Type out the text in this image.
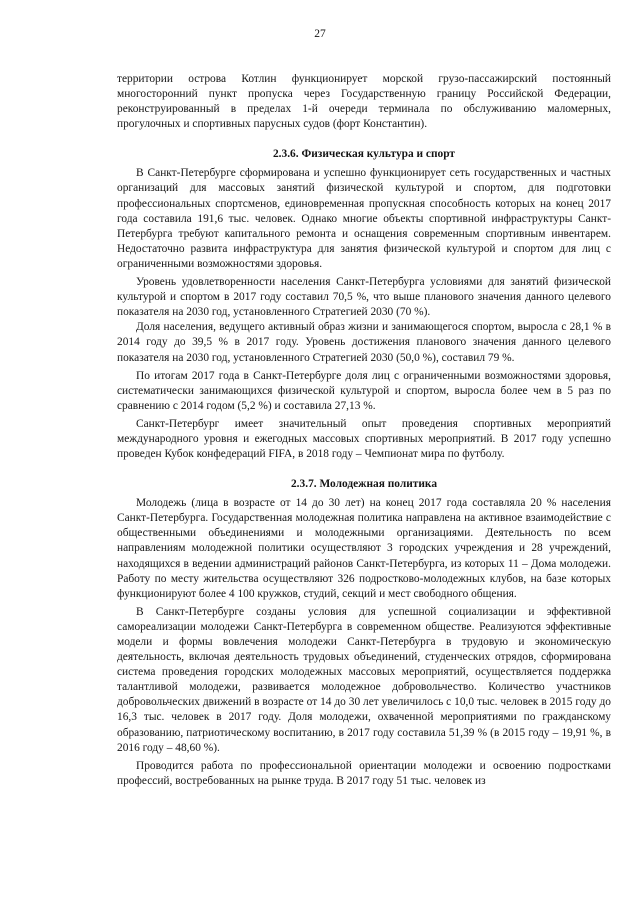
27

территории острова Котлин функционирует морской грузо-пассажирский постоянный многосторонний пункт пропуска через Государственную границу Российской Федерации, реконструированный в пределах 1-й очереди терминала по обслуживанию маломерных, прогулочных и спортивных парусных судов (форт Константин).

2.3.6. Физическая культура и спорт

В Санкт-Петербурге сформирована и успешно функционирует сеть государственных и частных организаций для массовых занятий физической культурой и спортом, для подготовки профессиональных спортсменов, единовременная пропускная способность которых на конец 2017 года составила 191,6 тыс. человек. Однако многие объекты спортивной инфраструктуры Санкт-Петербурга требуют капитального ремонта и оснащения современным спортивным инвентарем. Недостаточно развита инфраструктура для занятия физической культурой и спортом для лиц с ограниченными возможностями здоровья.

Уровень удовлетворенности населения Санкт-Петербурга условиями для занятий физической культурой и спортом в 2017 году составил 70,5 %, что выше планового значения данного целевого показателя на 2030 год, установленного Стратегией 2030 (70 %).

Доля населения, ведущего активный образ жизни и занимающегося спортом, выросла с 28,1 % в 2014 году до 39,5 % в 2017 году. Уровень достижения планового значения данного целевого показателя на 2030 год, установленного Стратегией 2030 (50,0 %), составил 79 %.

По итогам 2017 года в Санкт-Петербурге доля лиц с ограниченными возможностями здоровья, систематически занимающихся физической культурой и спортом, выросла более чем в 5 раз по сравнению с 2014 годом (5,2 %) и составила 27,13 %.

Санкт-Петербург имеет значительный опыт проведения спортивных мероприятий международного уровня и ежегодных массовых спортивных мероприятий. В 2017 году успешно проведен Кубок конфедераций FIFA, в 2018 году – Чемпионат мира по футболу.

2.3.7. Молодежная политика

Молодежь (лица в возрасте от 14 до 30 лет) на конец 2017 года составляла 20 % населения Санкт-Петербурга. Государственная молодежная политика направлена на активное взаимодействие с общественными объединениями и молодежными организациями. Деятельность по всем направлениям молодежной политики осуществляют 3 городских учреждения и 28 учреждений, находящихся в ведении администраций районов Санкт-Петербурга, из которых 11 – Дома молодежи. Работу по месту жительства осуществляют 326 подростково-молодежных клубов, на базе которых функционируют более 4 100 кружков, студий, секций и мест свободного общения.

В Санкт-Петербурге созданы условия для успешной социализации и эффективной самореализации молодежи Санкт-Петербурга в современном обществе. Реализуются эффективные модели и формы вовлечения молодежи Санкт-Петербурга в трудовую и экономическую деятельность, включая деятельность трудовых объединений, студенческих отрядов, сформирована система проведения городских молодежных массовых мероприятий, осуществляется поддержка талантливой молодежи, развивается молодежное добровольчество. Количество участников добровольческих движений в возрасте от 14 до 30 лет увеличилось с 10,0 тыс. человек в 2015 году до 16,3 тыс. человек в 2017 году. Доля молодежи, охваченной мероприятиями по гражданскому образованию, патриотическому воспитанию, в 2017 году составила 51,39 % (в 2015 году – 19,91 %, в 2016 году – 48,60 %).

Проводится работа по профессиональной ориентации молодежи и освоению подростками профессий, востребованных на рынке труда. В 2017 году 51 тыс. человек из
